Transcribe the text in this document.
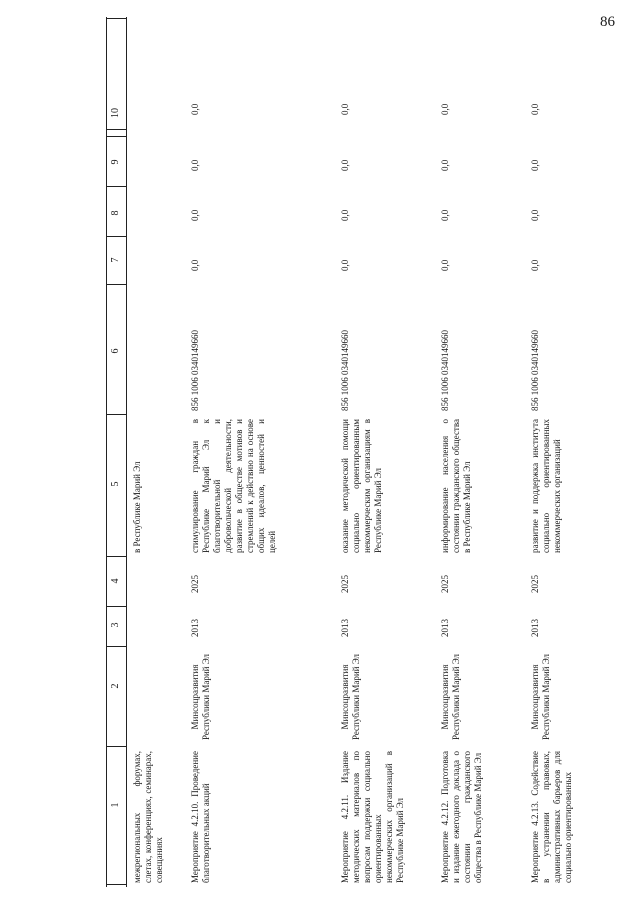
86
1
2
3
4
5
6
7
8
9
10
межрегиональных форумах, слетах, конференциях, семинарах, совещаниях
в Республике Марий Эл
Мероприятие 4.2.10. Проведение благотворительных акций
Минсоцразвития Республики Марий Эл
2013
2025
стимулирование граждан в Республике Марий Эл к благотворительной и добровольческой деятельности, развитие в обществе мотивов и стремлений к действию на основе общих идеалов, ценностей и целей
856 1006 0340149660
0,0
0,0
0,0
0,0
Мероприятие 4.2.11. Издание методических материалов по вопросам поддержки социально ориентированных некоммерческих организаций в Республике Марий Эл
Минсоцразвития Республики Марий Эл
2013
2025
оказание методической помощи социально ориентированным некоммерческим организациям в Республике Марий Эл
856 1006 0340149660
0,0
0,0
0,0
0,0
Мероприятие 4.2.12. Подготовка и издание ежегодного доклада о состоянии гражданского общества в Республике Марий Эл
Минсоцразвития Республики Марий Эл
2013
2025
информирование населения о состоянии гражданского общества в Республике Марий Эл
856 1006 0340149660
0,0
0,0
0,0
0,0
Мероприятие 4.2.13. Содействие в устранении правовых, административных барьеров для социально ориентированных
Минсоцразвития Республики Марий Эл
2013
2025
развитие и поддержка института социально ориентированных некоммерческих организаций
856 1006 0340149660
0,0
0,0
0,0
0,0
